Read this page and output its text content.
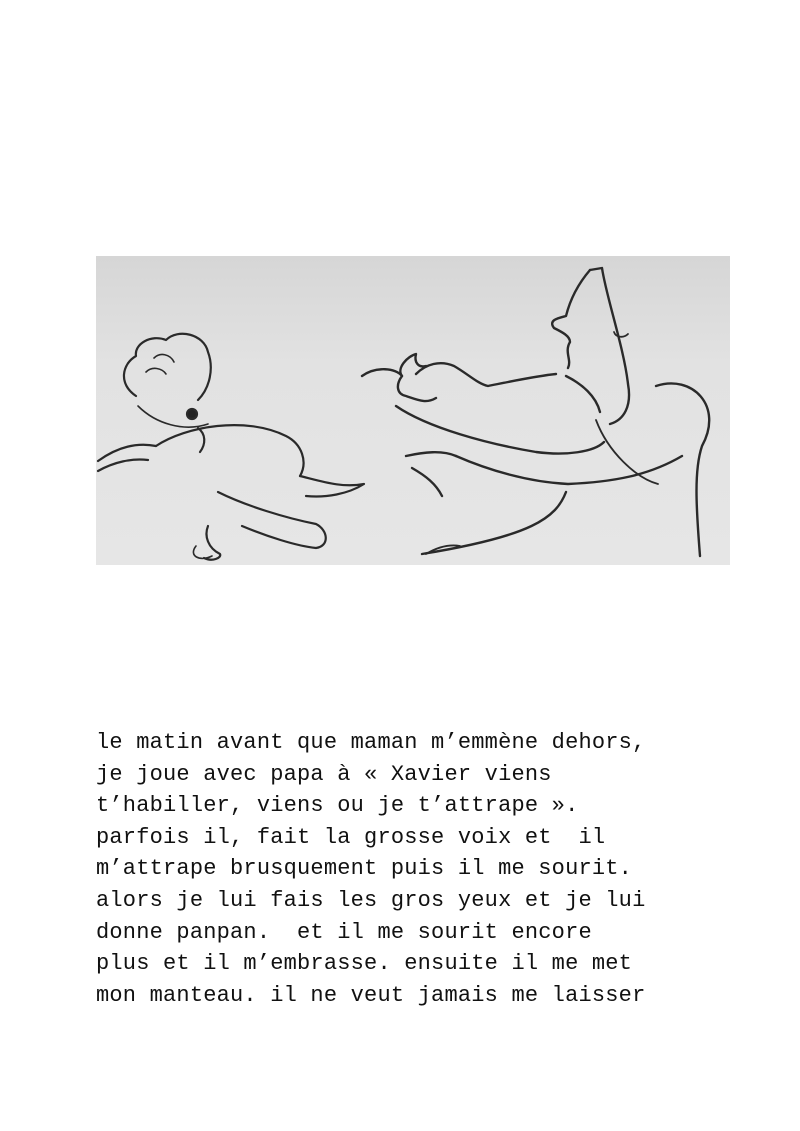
le matin avant que maman m’emmène dehors,
je joue avec papa à « Xavier viens
t’habiller, viens ou je t’attrape ».
parfois il, fait la grosse voix et  il
m’attrape brusquement puis il me sourit.
alors je lui fais les gros yeux et je lui
donne panpan.  et il me sourit encore
plus et il m’embrasse. ensuite il me met
mon manteau. il ne veut jamais me laisser
